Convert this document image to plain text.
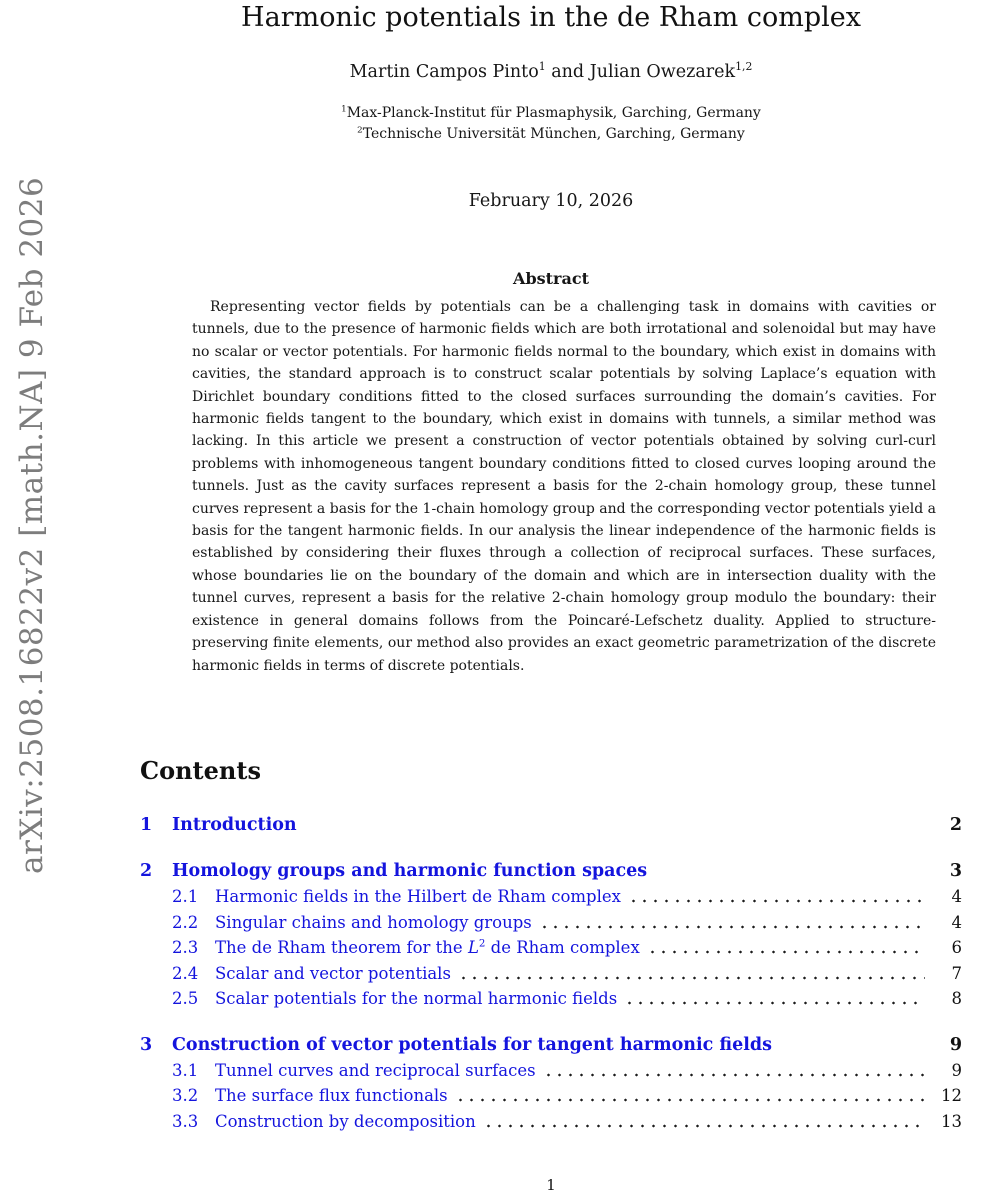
arXiv:2508.16822v2 [math.NA] 9 Feb 2026
Harmonic potentials in the de Rham complex
Martin Campos Pinto$^1$ and Julian Owezarek$^{1,2}$
$^1$Max-Planck-Institut für Plasmaphysik, Garching, Germany
$^2$Technische Universität München, Garching, Germany
February 10, 2026
Abstract

Representing vector fields by potentials can be a challenging task in domains with cavities or tunnels, due to the presence of harmonic fields which are both irrotational and solenoidal but may have no scalar or vector potentials. For harmonic fields normal to the boundary, which exist in domains with cavities, the standard approach is to construct scalar potentials by solving Laplace’s equation with Dirichlet boundary conditions fitted to the closed surfaces surrounding the domain’s cavities. For harmonic fields tangent to the boundary, which exist in domains with tunnels, a similar method was lacking. In this article we present a construction of vector potentials obtained by solving curl-curl problems with inhomogeneous tangent boundary conditions fitted to closed curves looping around the tunnels. Just as the cavity surfaces represent a basis for the 2-chain homology group, these tunnel curves represent a basis for the 1-chain homology group and the corresponding vector potentials yield a basis for the tangent harmonic fields. In our analysis the linear independence of the harmonic fields is established by considering their fluxes through a collection of reciprocal surfaces. These surfaces, whose boundaries lie on the boundary of the domain and which are in intersection duality with the tunnel curves, represent a basis for the relative 2-chain homology group modulo the boundary: their existence in general domains follows from the Poincaré-Lefschetz duality. Applied to structure-preserving finite elements, our method also provides an exact geometric parametrization of the discrete harmonic fields in terms of discrete potentials.

Contents
1	Introduction	2
2	Homology groups and harmonic function spaces	3
2.1	Harmonic fields in the Hilbert de Rham complex	4
2.2	Singular chains and homology groups	4
2.3	The de Rham theorem for the $L^2$ de Rham complex	6
2.4	Scalar and vector potentials	7
2.5	Scalar potentials for the normal harmonic fields	8
3	Construction of vector potentials for tangent harmonic fields	9
3.1	Tunnel curves and reciprocal surfaces	9
3.2	The surface flux functionals	12
3.3	Construction by decomposition	13
1
